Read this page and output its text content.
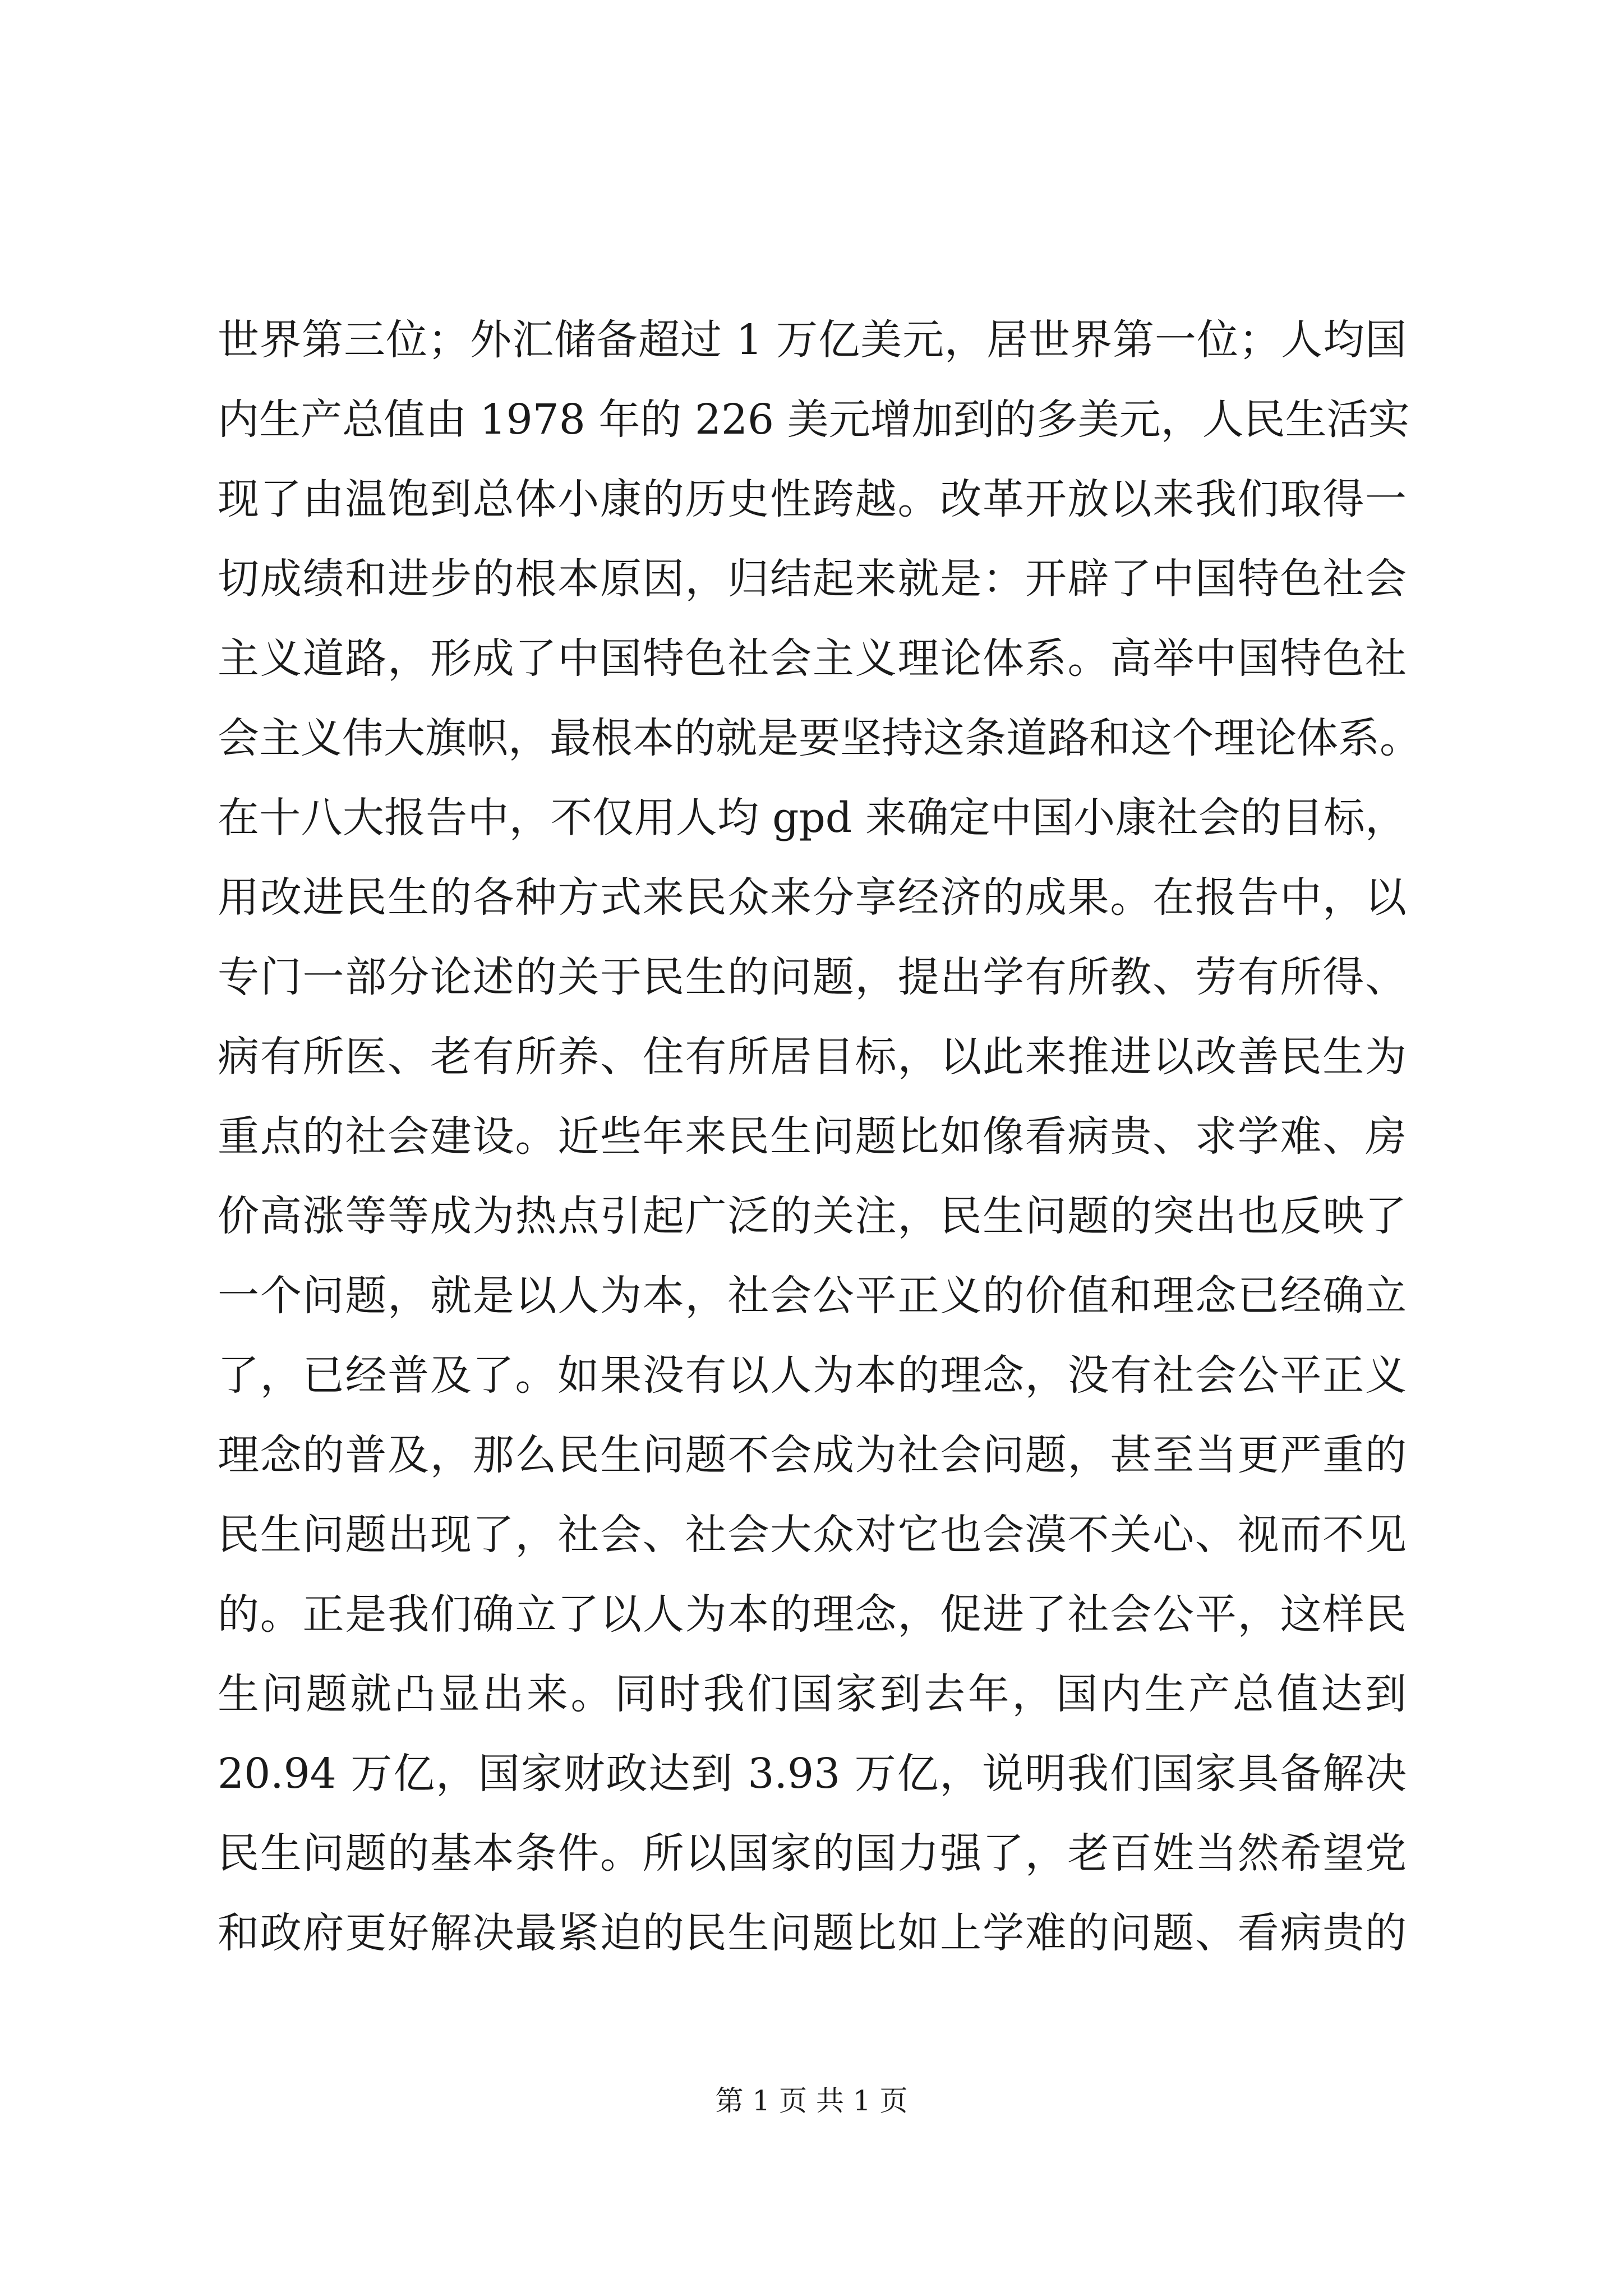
世界第三位；外汇储备超过 1 万亿美元，居世界第一位；人均国
内生产总值由 1978 年的 226 美元增加到的多美元，人民生活实
现了由温饱到总体小康的历史性跨越。改革开放以来我们取得一
切成绩和进步的根本原因，归结起来就是：开辟了中国特色社会
主义道路，形成了中国特色社会主义理论体系。高举中国特色社
会主义伟大旗帜，最根本的就是要坚持这条道路和这个理论体系。
在十八大报告中，不仅用人均 gpd 来确定中国小康社会的目标，
用改进民生的各种方式来民众来分享经济的成果。在报告中，以
专门一部分论述的关于民生的问题，提出学有所教、劳有所得、
病有所医、老有所养、住有所居目标，以此来推进以改善民生为
重点的社会建设。近些年来民生问题比如像看病贵、求学难、房
价高涨等等成为热点引起广泛的关注，民生问题的突出也反映了
一个问题，就是以人为本，社会公平正义的价值和理念已经确立
了，已经普及了。如果没有以人为本的理念，没有社会公平正义
理念的普及，那么民生问题不会成为社会问题，甚至当更严重的
民生问题出现了，社会、社会大众对它也会漠不关心、视而不见
的。正是我们确立了以人为本的理念，促进了社会公平，这样民
生问题就凸显出来。同时我们国家到去年，国内生产总值达到
20.94 万亿，国家财政达到 3.93 万亿，说明我们国家具备解决
民生问题的基本条件。所以国家的国力强了，老百姓当然希望党
和政府更好解决最紧迫的民生问题比如上学难的问题、看病贵的
第 1 页 共 1 页
